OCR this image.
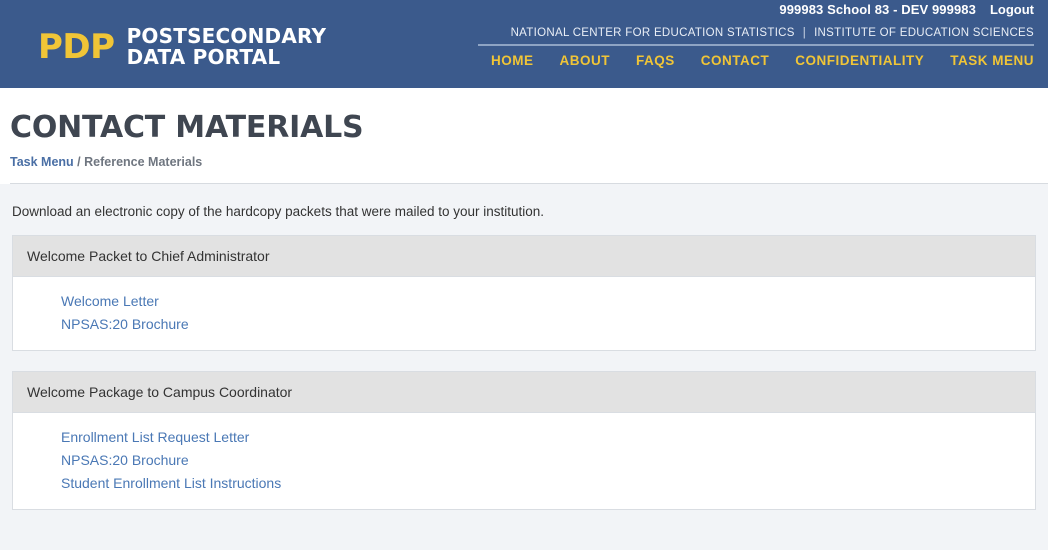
999983 School 83 - DEV 999983 Logout
NATIONAL CENTER FOR EDUCATION STATISTICS | INSTITUTE OF EDUCATION SCIENCES
PDP POSTSECONDARY
DATA PORTAL	HOME ABOUT FAQS CONTACT CONFIDENTIALITY TASK MENU
CONTACT MATERIALS
Task Menu / Reference Materials

Download an electronic copy of the hardcopy packets that were mailed to your institution.

Welcome Packet to Chief Administrator
Welcome Letter
NPSAS:20 Brochure
Welcome Package to Campus Coordinator
Enrollment List Request Letter
NPSAS:20 Brochure
Student Enrollment List Instructions
